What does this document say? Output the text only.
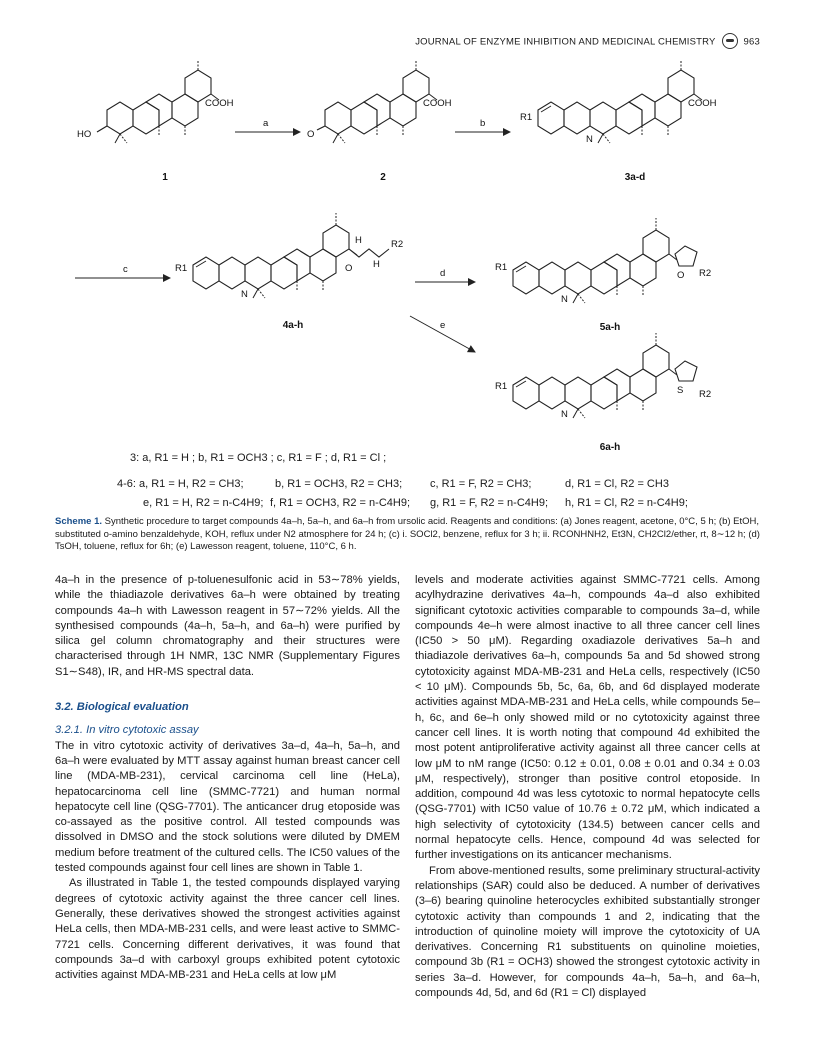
JOURNAL OF ENZYME INHIBITION AND MEDICINAL CHEMISTRY	963
HO
COOH
1
a
O
COOH
2
b
R1
N
COOH
3a-d
c	R1
N
O
H
H
R2
4a-h
d
R1
N
O R2
5a-h
e
R1
N
S R2
6a-h
3: a, R1 = H ; b, R1 = OCH3 ; c, R1 = F ; d, R1 = Cl ;
4-6: a, R1 = H, R2 = CH3;	b, R1 = OCH3, R2 = CH3;	c, R1 = F, R2 = CH3;	d, R1 = Cl, R2 = CH3
e, R1 = H, R2 = n-C4H9; f, R1 = OCH3, R2 = n-C4H9; g, R1 = F, R2 = n-C4H9; h, R1 = Cl, R2 = n-C4H9;
Scheme 1. Synthetic procedure to target compounds 4a–h, 5a–h, and 6a–h from ursolic acid. Reagents and conditions: (a) Jones reagent, acetone, 0°C, 5 h; (b) EtOH, substituted o-amino benzaldehyde, KOH, reflux under N2 atmosphere for 24 h; (c) i. SOCl2, benzene, reflux for 3 h; ii. RCONHNH2, Et3N, CH2Cl2/ether, rt, 8∼12 h; (d) TsOH, toluene, reflux for 6h; (e) Lawesson reagent, toluene, 110°C, 6 h.

4a–h in the presence of p-toluenesulfonic acid in 53∼78% yields, while the thiadiazole derivatives 6a–h were obtained by treating compounds 4a–h with Lawesson reagent in 57∼72% yields. All the synthesised compounds (4a–h, 5a–h, and 6a–h) were purified by silica gel column chromatography and their structures were characterised through 1H NMR, 13C NMR (Supplementary Figures S1∼S48), IR, and HR-MS spectral data.

3.2. Biological evaluation
3.2.1. In vitro cytotoxic assay

The in vitro cytotoxic activity of derivatives 3a–d, 4a–h, 5a–h, and 6a–h were evaluated by MTT assay against human breast cancer cell line (MDA-MB-231), cervical carcinoma cell line (HeLa), hepatocarcinoma cell line (SMMC-7721) and human normal hepatocyte cell line (QSG-7701). The anticancer drug etoposide was co-assayed as the positive control. All tested compounds was dissolved in DMSO and the stock solutions were diluted by DMEM medium before treatment of the cultured cells. The IC50 values of the tested compounds against four cell lines are shown in Table 1.

As illustrated in Table 1, the tested compounds displayed varying degrees of cytotoxic activity against the three cancer cell lines. Generally, these derivatives showed the strongest activities against HeLa cells, then MDA-MB-231 cells, and were least active to SMMC-7721 cells. Concerning different derivatives, it was found that compounds 3a–d with carboxyl groups exhibited potent cytotoxic activities against MDA-MB-231 and HeLa cells at low μM

levels and moderate activities against SMMC-7721 cells. Among acylhydrazine derivatives 4a–h, compounds 4a–d also exhibited significant cytotoxic activities comparable to compounds 3a–d, while compounds 4e–h were almost inactive to all three cancer cell lines (IC50 > 50 μM). Regarding oxadiazole derivatives 5a–h and thiadiazole derivatives 6a–h, compounds 5a and 5d showed strong cytotoxicity against MDA-MB-231 and HeLa cells, respectively (IC50 < 10 μM). Compounds 5b, 5c, 6a, 6b, and 6d displayed moderate activities against MDA-MB-231 and HeLa cells, while compounds 5e–h, 6c, and 6e–h only showed mild or no cytotoxicity against three cancer cell lines. It is worth noting that compound 4d exhibited the most potent antiproliferative activity against all three cancer cells at low μM to nM range (IC50: 0.12 ± 0.01, 0.08 ± 0.01 and 0.34 ± 0.03 μM, respectively), stronger than positive control etoposide. In addition, compound 4d was less cytotoxic to normal hepatocyte cells (QSG-7701) with IC50 value of 10.76 ± 0.72 μM, which indicated a high selectivity of cytotoxicity (134.5) between cancer cells and normal hepatocyte cells. Hence, compound 4d was selected for further investigations on its anticancer mechanisms.

From above-mentioned results, some preliminary structural-activity relationships (SAR) could also be deduced. A number of derivatives (3–6) bearing quinoline heterocycles exhibited substantially stronger cytotoxic activity than compounds 1 and 2, indicating that the introduction of quinoline moiety will improve the cytotoxicity of UA derivatives. Concerning R1 substituents on quinoline moieties, compound 3b (R1 = OCH3) showed the strongest cytotoxic activity in series 3a–d. However, for compounds 4a–h, 5a–h, and 6a–h, compounds 4d, 5d, and 6d (R1 = Cl) displayed
